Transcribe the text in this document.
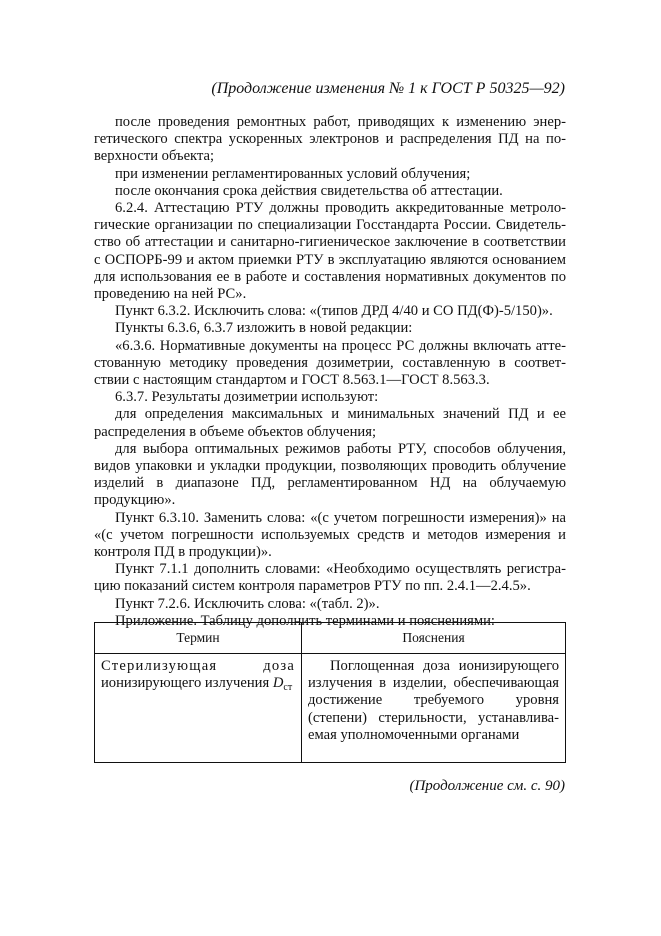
(Продолжение изменения № 1 к ГОСТ Р 50325—92)

после проведения ремонтных работ, приводящих к изменению энергетического спектра ускоренных электронов и распределения ПД на поверхности объекта;

при изменении регламентированных условий облучения;

после окончания срока действия свидетельства об аттестации.

6.2.4. Аттестацию РТУ должны проводить аккредитованные метрологические организации по специализации Госстандарта России. Свидетельство об аттестации и санитарно-гигиеническое заключение в соответствии с ОСПОРБ-99 и актом приемки РТУ в эксплуатацию являются основанием для использования ее в работе и составления нормативных документов по проведению на ней РС».

Пункт 6.3.2. Исключить слова: «(типов ДРД 4/40 и СО ПД(Ф)-5/150)».

Пункты 6.3.6, 6.3.7 изложить в новой редакции:

«6.3.6. Нормативные документы на процесс РС должны включать аттестованную методику проведения дозиметрии, составленную в соответствии с настоящим стандартом и ГОСТ 8.563.1—ГОСТ 8.563.3.

6.3.7. Результаты дозиметрии используют:

для определения максимальных и минимальных значений ПД и ее распределения в объеме объектов облучения;

для выбора оптимальных режимов работы РТУ, способов облучения, видов упаковки и укладки продукции, позволяющих проводить облучение изделий в диапазоне ПД, регламентированном НД на облучаемую продукцию».

Пункт 6.3.10. Заменить слова: «(с учетом погрешности измерения)» на «(с учетом погрешности используемых средств и методов измерения и контроля ПД в продукции)».

Пункт 7.1.1 дополнить словами: «Необходимо осуществлять регистрацию показаний систем контроля параметров РТУ по пп. 2.4.1—2.4.5».

Пункт 7.2.6. Исключить слова: «(табл. 2)».

Приложение. Таблицу дополнить терминами и пояснениями:

Термин	Пояснения

Стерилизующая доза
ионизирующего излучения $D_{ст}$	Поглощенная доза ионизирующего излучения в изделии, обеспечивающая достижение требуемого уровня (степени) стерильности, устанавливаемая уполномоченными органами
(Продолжение см. с. 90)
